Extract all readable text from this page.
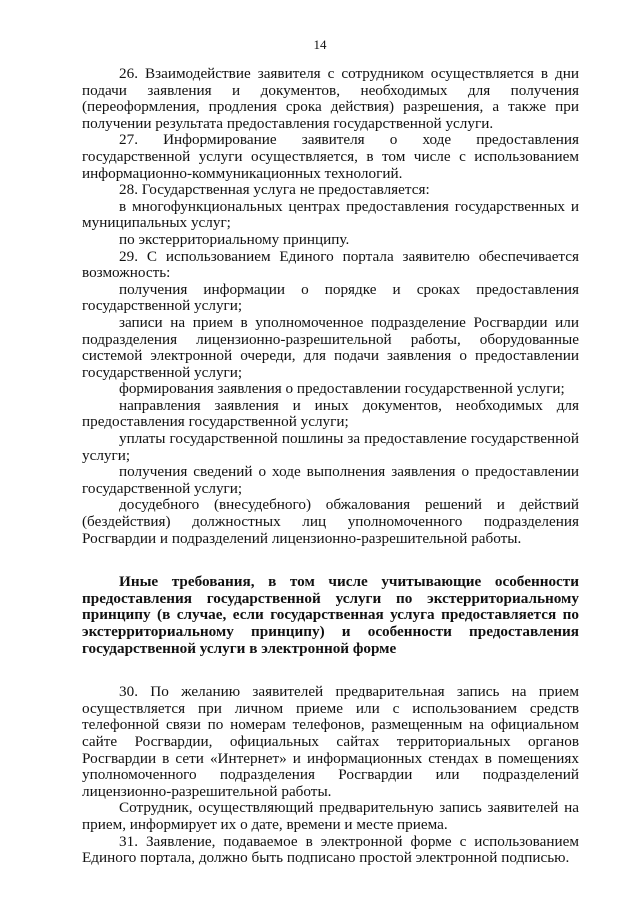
14

26. Взаимодействие заявителя с сотрудником осуществляется в дни подачи заявления и документов, необходимых для получения (переоформления, продления срока действия) разрешения, а также при получении результата предоставления государственной услуги.

27. Информирование заявителя о ходе предоставления государственной услуги осуществляется, в том числе с использованием информационно-коммуникационных технологий.

28. Государственная услуга не предоставляется:

в многофункциональных центрах предоставления государственных и муниципальных услуг;

по экстерриториальному принципу.

29. С использованием Единого портала заявителю обеспечивается возможность:

получения информации о порядке и сроках предоставления государственной услуги;

записи на прием в уполномоченное подразделение Росгвардии или подразделения лицензионно-разрешительной работы, оборудованные системой электронной очереди, для подачи заявления о предоставлении государственной услуги;

формирования заявления о предоставлении государственной услуги;

направления заявления и иных документов, необходимых для предоставления государственной услуги;

уплаты государственной пошлины за предоставление государственной услуги;

получения сведений о ходе выполнения заявления о предоставлении государственной услуги;

досудебного (внесудебного) обжалования решений и действий (бездействия) должностных лиц уполномоченного подразделения Росгвардии и подразделений лицензионно-разрешительной работы.

Иные требования, в том числе учитывающие особенности предоставления государственной услуги по экстерриториальному принципу (в случае, если государственная услуга предоставляется по экстерриториальному принципу) и особенности предоставления государственной услуги в электронной форме

30. По желанию заявителей предварительная запись на прием осуществляется при личном приеме или с использованием средств телефонной связи по номерам телефонов, размещенным на официальном сайте Росгвардии, официальных сайтах территориальных органов Росгвардии в сети «Интернет» и информационных стендах в помещениях уполномоченного подразделения Росгвардии или подразделений лицензионно-разрешительной работы.

Сотрудник, осуществляющий предварительную запись заявителей на прием, информирует их о дате, времени и месте приема.

31. Заявление, подаваемое в электронной форме с использованием Единого портала, должно быть подписано простой электронной подписью.
